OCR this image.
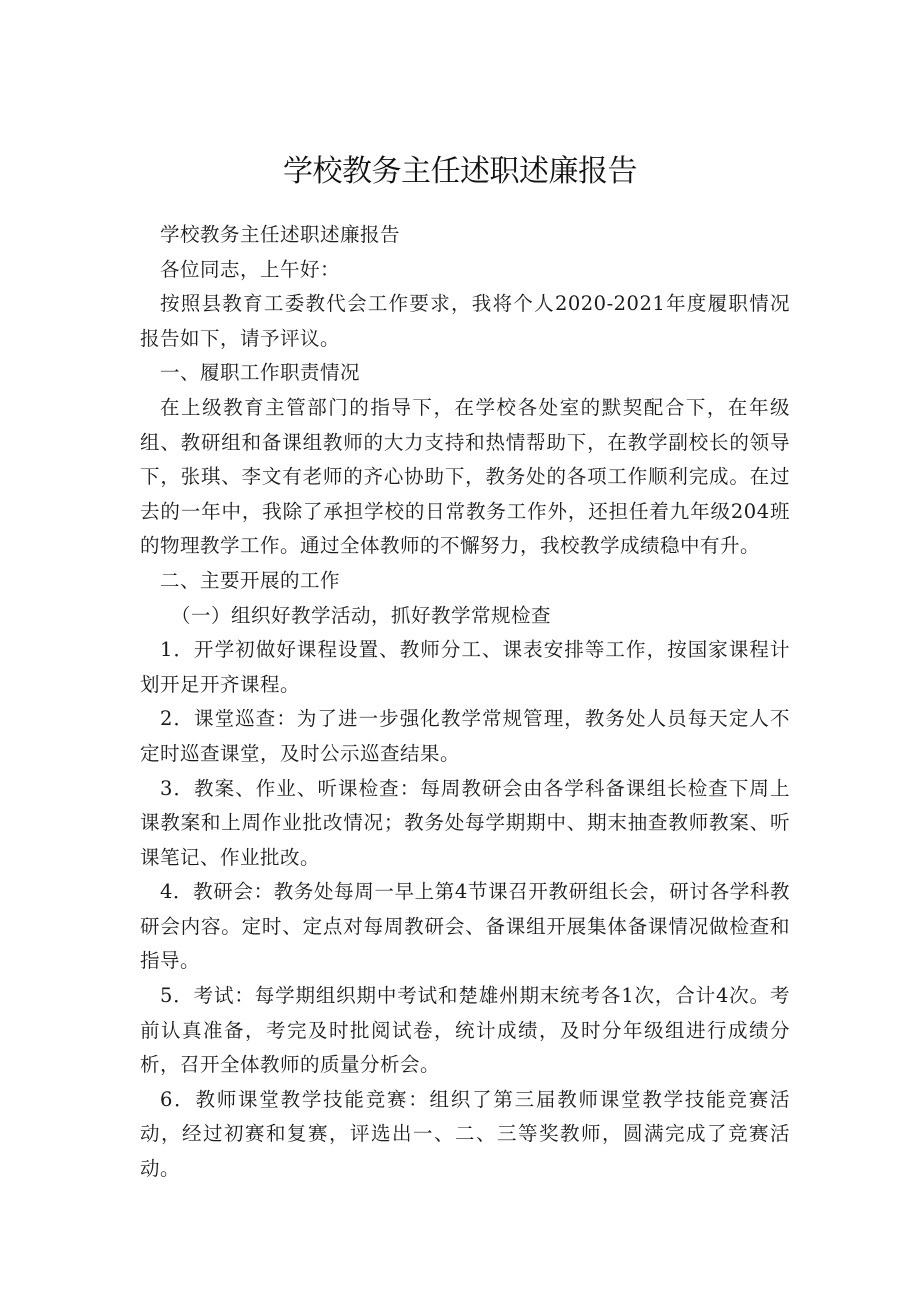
学校教务主任述职述廉报告

学校教务主任述职述廉报告

各位同志，上午好：

按照县教育工委教代会工作要求，我将个人2020-2021年度履职情况报告如下，请予评议。

一、履职工作职责情况

在上级教育主管部门的指导下，在学校各处室的默契配合下，在年级组、教研组和备课组教师的大力支持和热情帮助下，在教学副校长的领导下，张琪、李文有老师的齐心协助下，教务处的各项工作顺利完成。在过去的一年中，我除了承担学校的日常教务工作外，还担任着九年级204班的物理教学工作。通过全体教师的不懈努力，我校教学成绩稳中有升。

二、主要开展的工作

（一）组织好教学活动，抓好教学常规检查

1．开学初做好课程设置、教师分工、课表安排等工作，按国家课程计划开足开齐课程。

2．课堂巡查：为了进一步强化教学常规管理，教务处人员每天定人不定时巡查课堂，及时公示巡查结果。

3．教案、作业、听课检查：每周教研会由各学科备课组长检查下周上课教案和上周作业批改情况；教务处每学期期中、期末抽查教师教案、听课笔记、作业批改。

4．教研会：教务处每周一早上第4节课召开教研组长会，研讨各学科教研会内容。定时、定点对每周教研会、备课组开展集体备课情况做检查和指导。

5．考试：每学期组织期中考试和楚雄州期末统考各1次，合计4次。考前认真准备，考完及时批阅试卷，统计成绩，及时分年级组进行成绩分析，召开全体教师的质量分析会。

6．教师课堂教学技能竞赛：组织了第三届教师课堂教学技能竞赛活动，经过初赛和复赛，评选出一、二、三等奖教师，圆满完成了竞赛活动。
